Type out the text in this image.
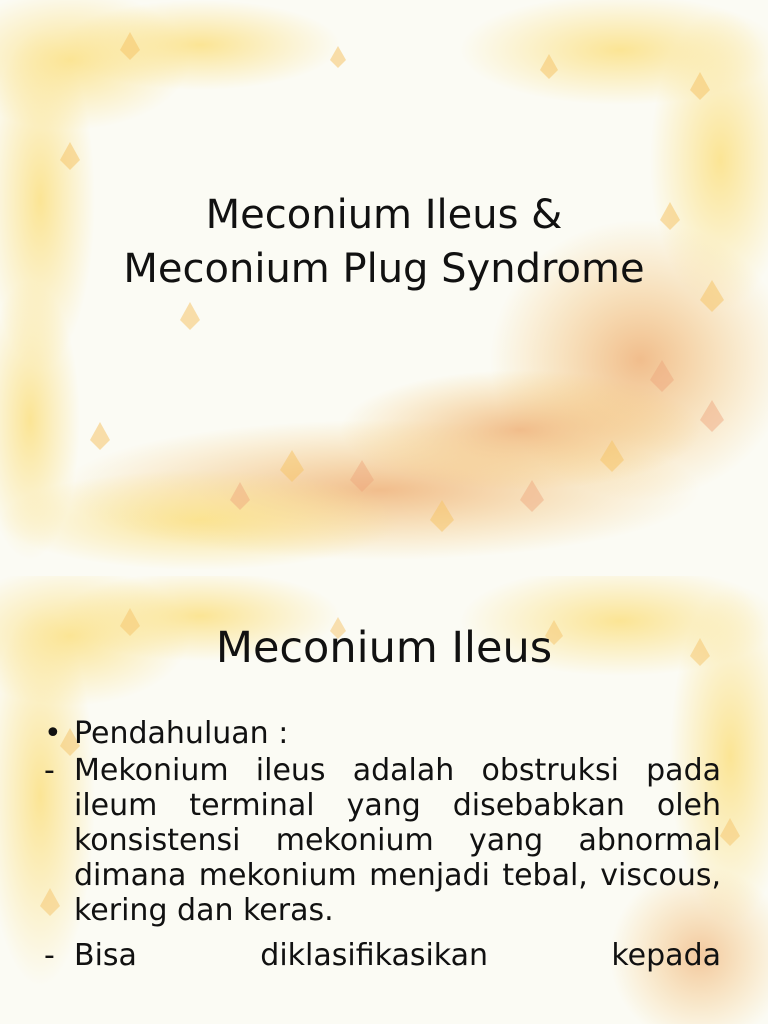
Meconium Ileus &
Meconium Plug Syndrome
Meconium Ileus
• Pendahuluan :

- Mekonium ileus adalah obstruksi pada ileum terminal yang disebabkan oleh konsistensi mekonium yang abnormal dimana mekonium menjadi tebal, viscous, kering dan keras.

- Bisa diklasifikasikan kepada
